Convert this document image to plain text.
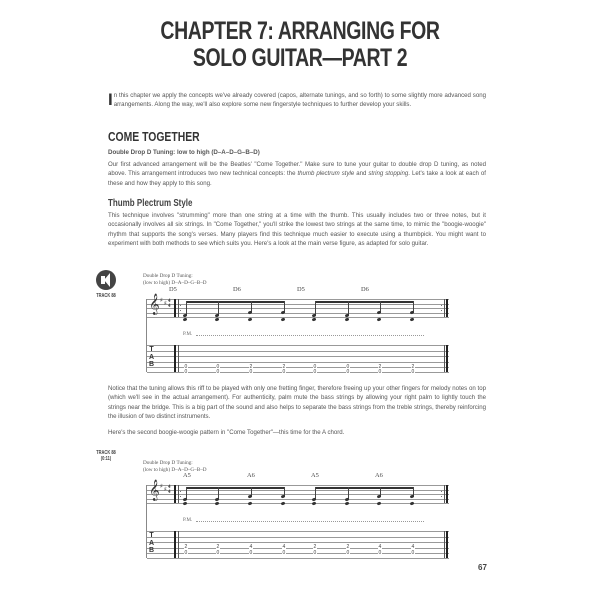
CHAPTER 7: ARRANGING FOR
SOLO GUITAR—PART 2
In this chapter we apply the concepts we've already covered (capos, alternate tunings, and so forth) to some slightly more advanced song arrangements. Along the way, we'll also explore some new fingerstyle techniques to further develop your skills.
COME TOGETHER
Double Drop D Tuning: low to high (D–A–D–G–B–D)
Our first advanced arrangement will be the Beatles' "Come Together." Make sure to tune your guitar to double drop D tuning, as noted above. This arrangement introduces two new technical concepts: the thumb plectrum style and string stopping. Let's take a look at each of these and how they apply to this song.
Thumb Plectrum Style
This technique involves "strumming" more than one string at a time with the thumb. This usually includes two or three notes, but it occasionally involves all six strings. In "Come Together," you'll strike the lowest two strings at the same time, to mimic the "boogie-woogie" rhythm that supports the song's verses. Many players find this technique much easier to execute using a thumbpick. You might want to experiment with both methods to see which suits you. Here's a look at the main verse figure, as adapted for solo guitar.
TRACK 88
Double Drop D Tuning:
(low to high) D–A–D–G–B–D
D5	D6	D5	D6
𝄞 ♯ ♯ 4
4
P.M.
T
A
B	0
0
0
0
2
0
2
0
0
0
0
0
2
0
2
0
Notice that the tuning allows this riff to be played with only one fretting finger, therefore freeing up your other fingers for melody notes on top (which we'll see in the actual arrangement). For authenticity, palm mute the bass strings by allowing your right palm to lightly touch the strings near the bridge. This is a big part of the sound and also helps to separate the bass strings from the treble strings, thereby reinforcing the illusion of two distinct instruments.
Here's the second boogie-woogie pattern in "Come Together"—this time for the A chord.
TRACK 88
(0:11)
Double Drop D Tuning:
(low to high) D–A–D–G–B–D
A5	A6	A5	A6
𝄞 ♯ ♯ 4
4
P.M.
T
A
B	2
0
2
0
4
0
4
0
2
0
2
0
4
0
4
0
67
